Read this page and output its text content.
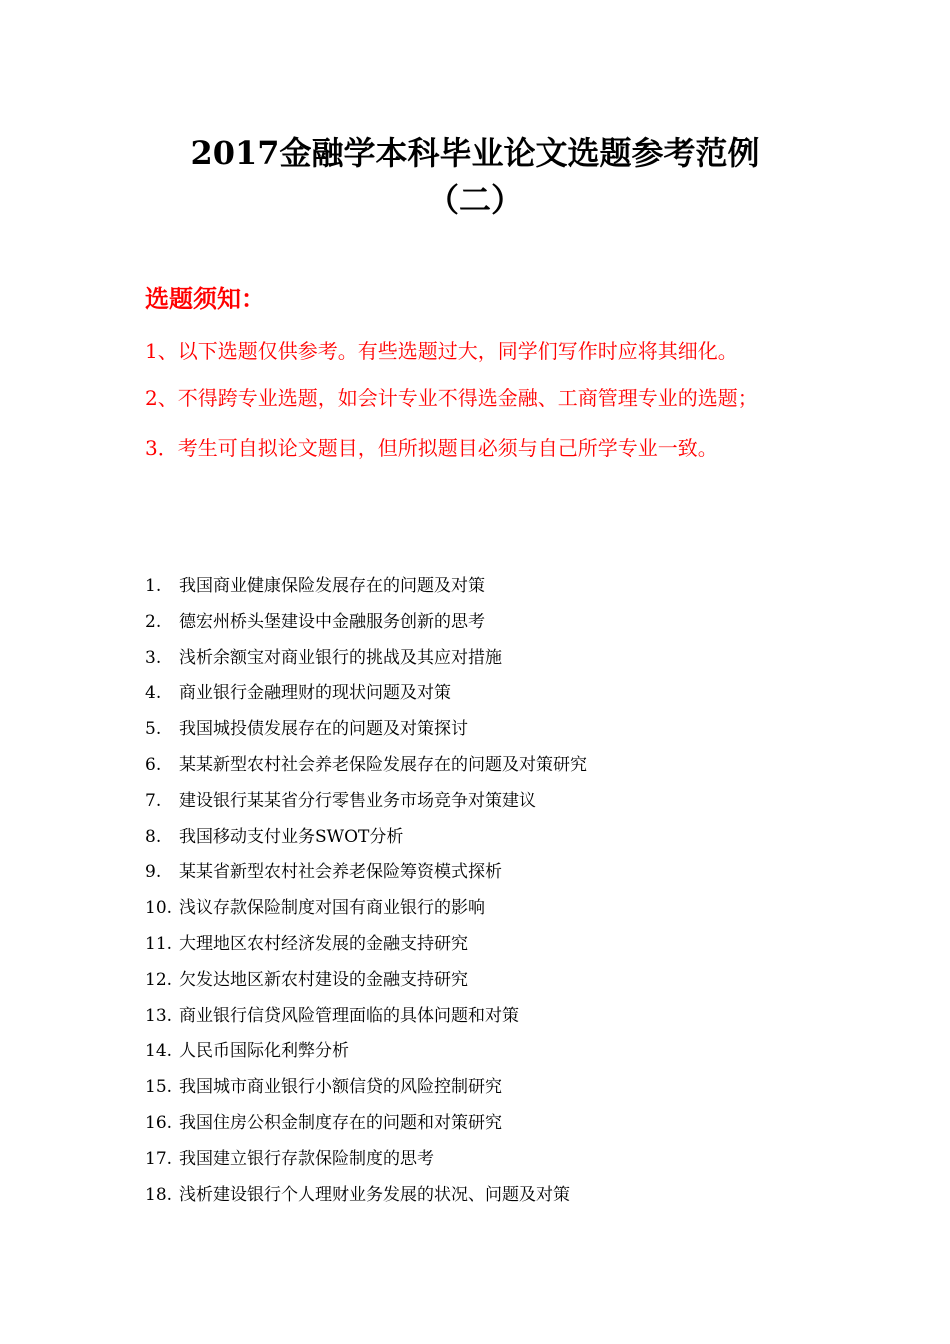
2017金融学本科毕业论文选题参考范例
（二）
选题须知：
1、以下选题仅供参考。有些选题过大，同学们写作时应将其细化。
2、不得跨专业选题，如会计专业不得选金融、工商管理专业的选题；
3．考生可自拟论文题目，但所拟题目必须与自己所学专业一致。
1.	我国商业健康保险发展存在的问题及对策
2.	德宏州桥头堡建设中金融服务创新的思考
3.	浅析余额宝对商业银行的挑战及其应对措施
4.	商业银行金融理财的现状问题及对策
5.	我国城投债发展存在的问题及对策探讨
6.	某某新型农村社会养老保险发展存在的问题及对策研究
7.	建设银行某某省分行零售业务市场竞争对策建议
8.	我国移动支付业务SWOT分析
9.	某某省新型农村社会养老保险筹资模式探析
10. 浅议存款保险制度对国有商业银行的影响
11. 大理地区农村经济发展的金融支持研究
12. 欠发达地区新农村建设的金融支持研究
13. 商业银行信贷风险管理面临的具体问题和对策
14. 人民币国际化利弊分析
15. 我国城市商业银行小额信贷的风险控制研究
16. 我国住房公积金制度存在的问题和对策研究
17. 我国建立银行存款保险制度的思考
18. 浅析建设银行个人理财业务发展的状况、问题及对策
